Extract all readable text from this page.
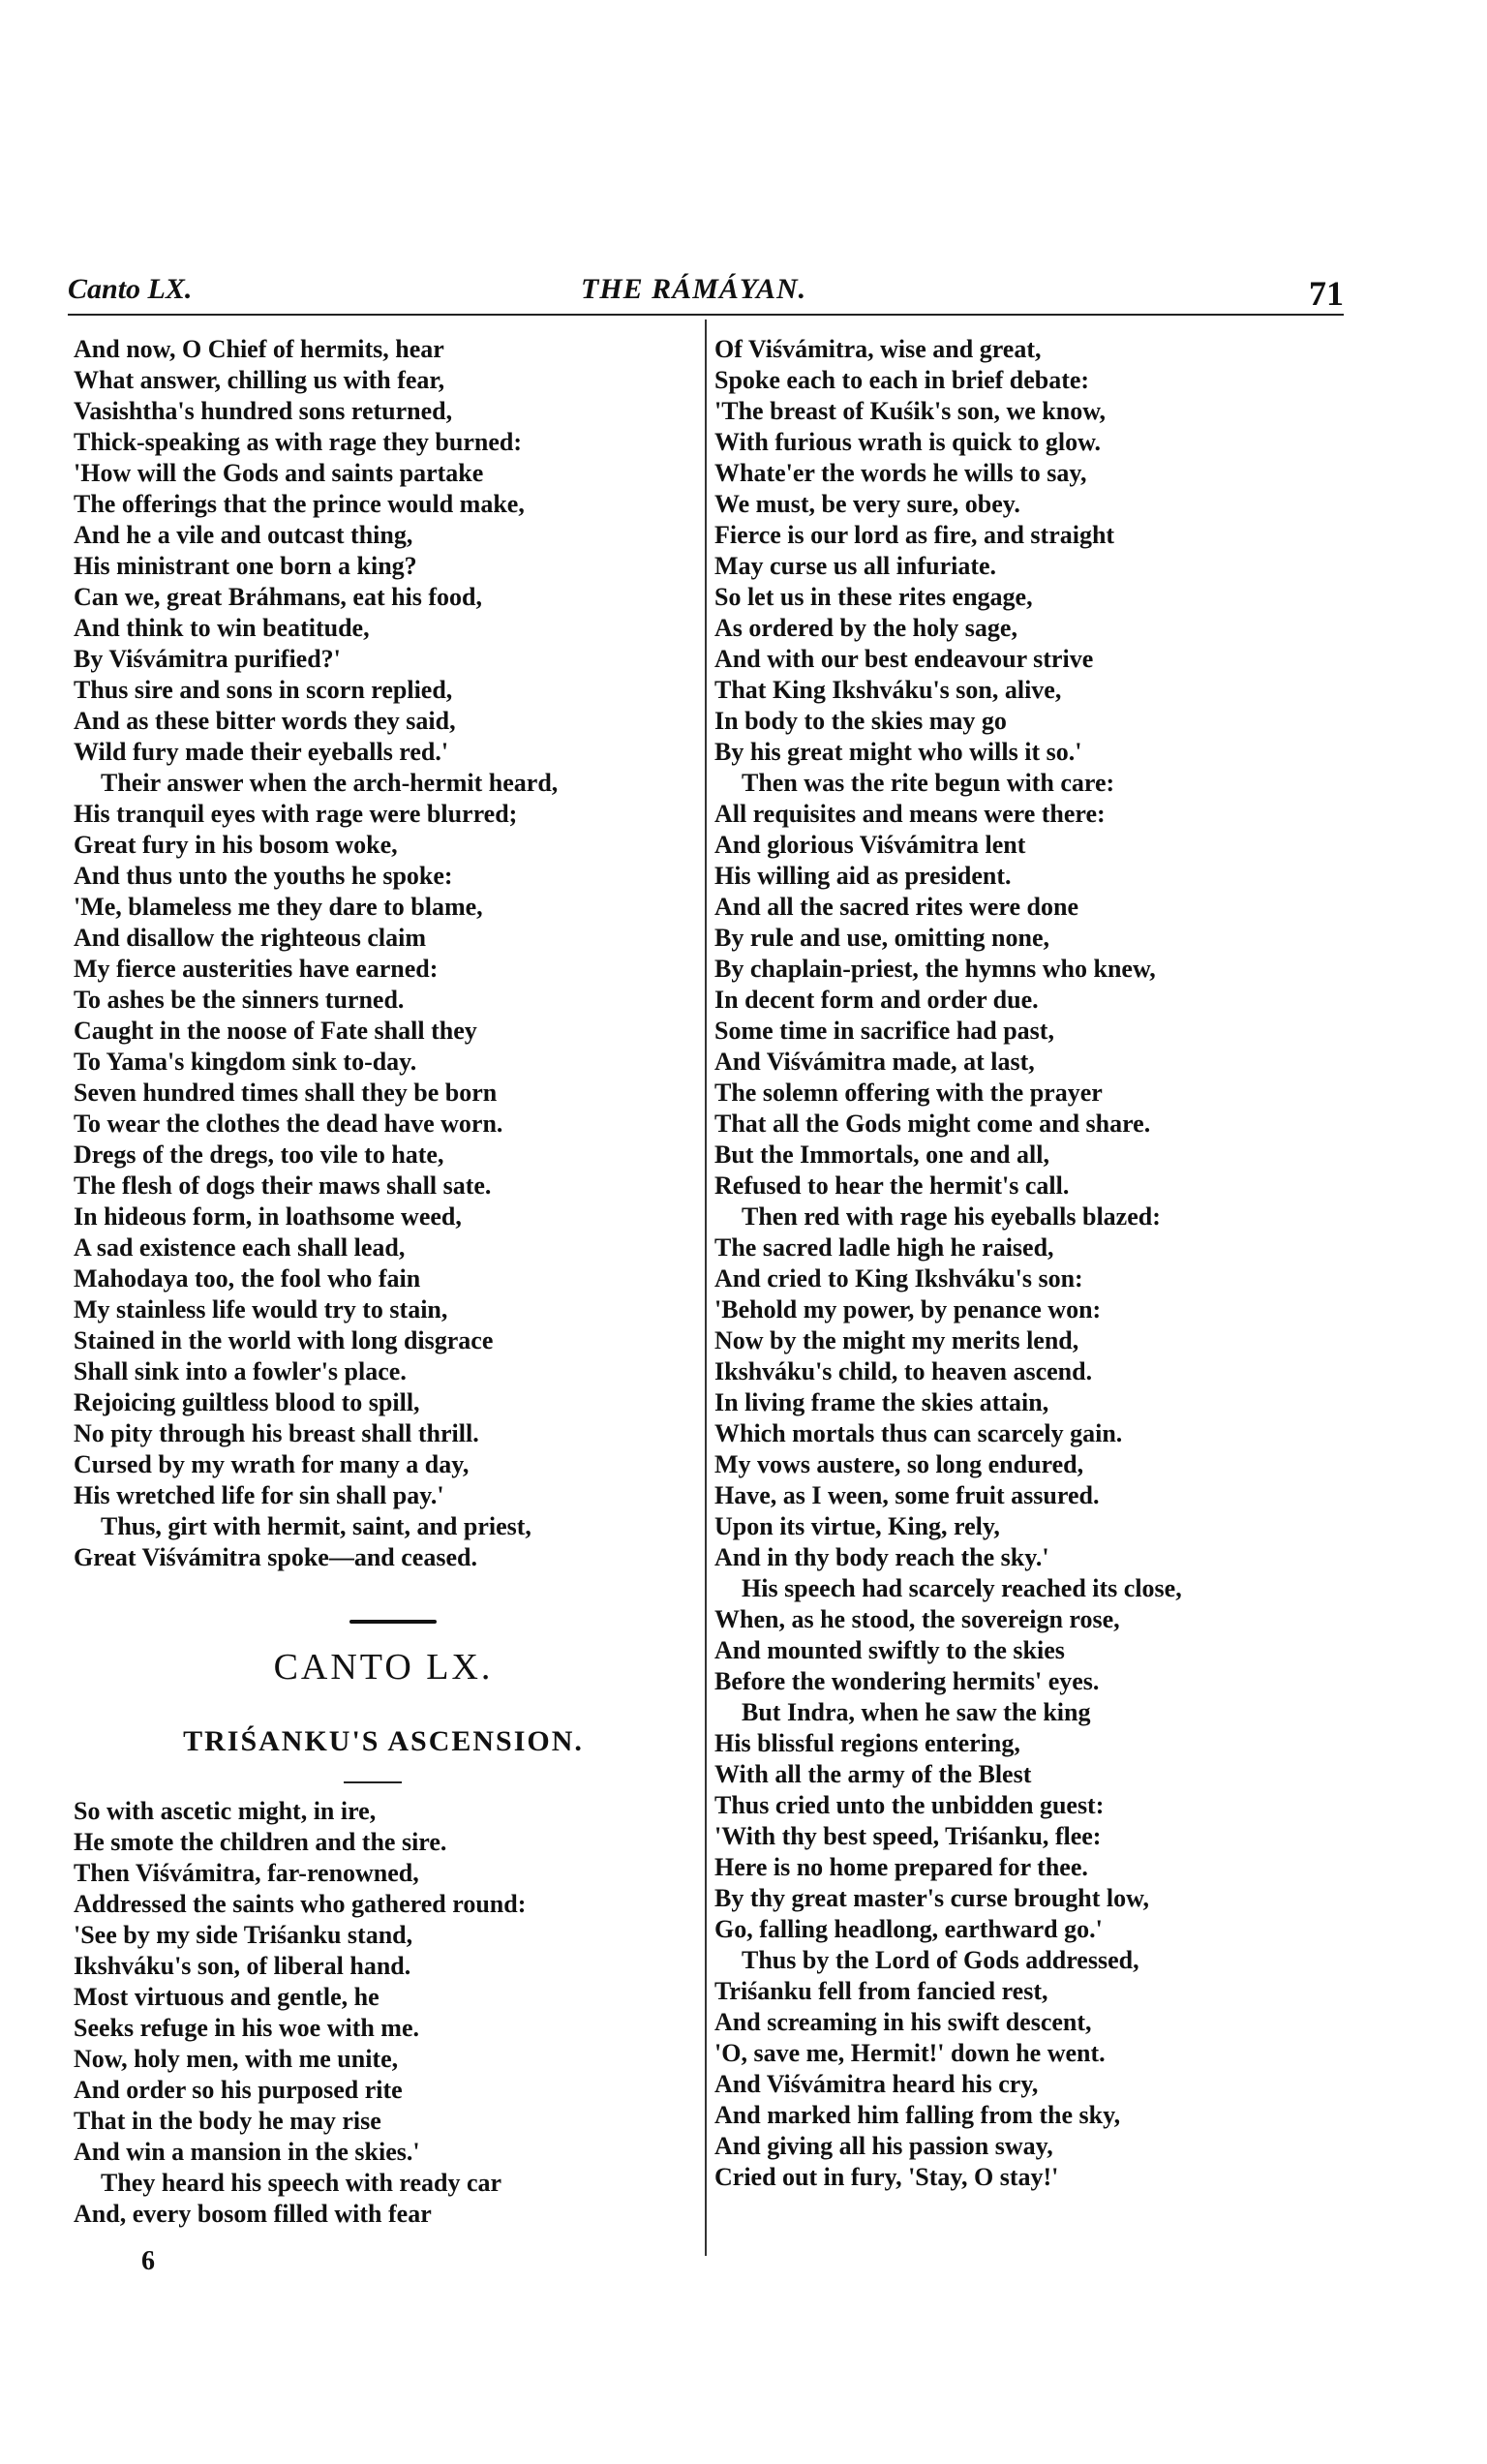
Canto LX.	THE RÁMÁYAN.	71
And now, O Chief of hermits, hear
What answer, chilling us with fear,
Vasishtha's hundred sons returned,
Thick-speaking as with rage they burned:
'How will the Gods and saints partake
The offerings that the prince would make,
And he a vile and outcast thing,
His ministrant one born a king?
Can we, great Bráhmans, eat his food,
And think to win beatitude,
By Viśvámitra purified?'
Thus sire and sons in scorn replied,
And as these bitter words they said,
Wild fury made their eyeballs red.'
Their answer when the arch-hermit heard,
His tranquil eyes with rage were blurred;
Great fury in his bosom woke,
And thus unto the youths he spoke:
'Me, blameless me they dare to blame,
And disallow the righteous claim
My fierce austerities have earned:
To ashes be the sinners turned.
Caught in the noose of Fate shall they
To Yama's kingdom sink to-day.
Seven hundred times shall they be born
To wear the clothes the dead have worn.
Dregs of the dregs, too vile to hate,
The flesh of dogs their maws shall sate.
In hideous form, in loathsome weed,
A sad existence each shall lead,
Mahodaya too, the fool who fain
My stainless life would try to stain,
Stained in the world with long disgrace
Shall sink into a fowler's place.
Rejoicing guiltless blood to spill,
No pity through his breast shall thrill.
Cursed by my wrath for many a day,
His wretched life for sin shall pay.'
Thus, girt with hermit, saint, and priest,
Great Viśvámitra spoke—and ceased.
CANTO LX.
TRIŚANKU'S ASCENSION.
So with ascetic might, in ire,
He smote the children and the sire.
Then Viśvámitra, far-renowned,
Addressed the saints who gathered round:
'See by my side Triśanku stand,
Ikshváku's son, of liberal hand.
Most virtuous and gentle, he
Seeks refuge in his woe with me.
Now, holy men, with me unite,
And order so his purposed rite
That in the body he may rise
And win a mansion in the skies.'
They heard his speech with ready car
And, every bosom filled with fear
6
Of Viśvámitra, wise and great,
Spoke each to each in brief debate:
'The breast of Kuśik's son, we know,
With furious wrath is quick to glow.
Whate'er the words he wills to say,
We must, be very sure, obey.
Fierce is our lord as fire, and straight
May curse us all infuriate.
So let us in these rites engage,
As ordered by the holy sage,
And with our best endeavour strive
That King Ikshváku's son, alive,
In body to the skies may go
By his great might who wills it so.'
Then was the rite begun with care:
All requisites and means were there:
And glorious Viśvámitra lent
His willing aid as president.
And all the sacred rites were done
By rule and use, omitting none,
By chaplain-priest, the hymns who knew,
In decent form and order due.
Some time in sacrifice had past,
And Viśvámitra made, at last,
The solemn offering with the prayer
That all the Gods might come and share.
But the Immortals, one and all,
Refused to hear the hermit's call.
Then red with rage his eyeballs blazed:
The sacred ladle high he raised,
And cried to King Ikshváku's son:
'Behold my power, by penance won:
Now by the might my merits lend,
Ikshváku's child, to heaven ascend.
In living frame the skies attain,
Which mortals thus can scarcely gain.
My vows austere, so long endured,
Have, as I ween, some fruit assured.
Upon its virtue, King, rely,
And in thy body reach the sky.'
His speech had scarcely reached its close,
When, as he stood, the sovereign rose,
And mounted swiftly to the skies
Before the wondering hermits' eyes.
But Indra, when he saw the king
His blissful regions entering,
With all the army of the Blest
Thus cried unto the unbidden guest:
'With thy best speed, Triśanku, flee:
Here is no home prepared for thee.
By thy great master's curse brought low,
Go, falling headlong, earthward go.'
Thus by the Lord of Gods addressed,
Triśanku fell from fancied rest,
And screaming in his swift descent,
'O, save me, Hermit!' down he went.
And Viśvámitra heard his cry,
And marked him falling from the sky,
And giving all his passion sway,
Cried out in fury, 'Stay, O stay!'
